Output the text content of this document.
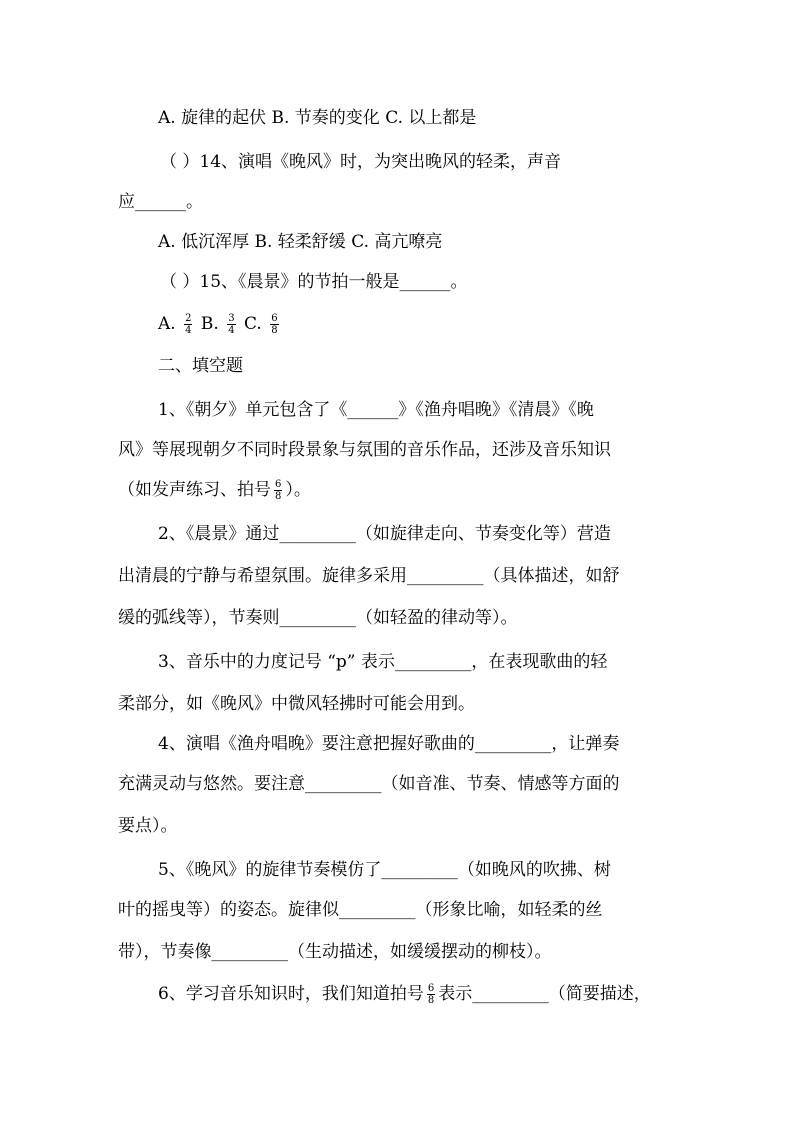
A. 旋律的起伏 B. 节奏的变化 C. 以上都是
（ ）14、演唱《晚风》时，为突出晚风的轻柔，声音
应______。
A. 低沉浑厚 B. 轻柔舒缓 C. 高亢嘹亮
（ ）15、《晨景》的节拍一般是______。
A. $\frac{2}{4} B$. $\frac{3}{4} C$. $\frac{6}{8}$
二、填空题
1、《朝夕》单元包含了《______》《渔舟唱晚》《清晨》《晚
风》等展现朝夕不同时段景象与氛围的音乐作品，还涉及音乐知识
（如发声练习、拍号 $\frac{6}{8}$ ）。
2、《晨景》通过_________（如旋律走向、节奏变化等）营造
出清晨的宁静与希望氛围。旋律多采用_________（具体描述，如舒
缓的弧线等），节奏则_________（如轻盈的律动等）。
3、音乐中的力度记号 “p” 表示_________，在表现歌曲的轻
柔部分，如《晚风》中微风轻拂时可能会用到。
4、演唱《渔舟唱晚》要注意把握好歌曲的_________，让弹奏
充满灵动与悠然。要注意_________（如音准、节奏、情感等方面的
要点）。
5、《晚风》的旋律节奏模仿了_________（如晚风的吹拂、树
叶的摇曳等）的姿态。旋律似_________（形象比喻，如轻柔的丝
带），节奏像_________（生动描述，如缓缓摆动的柳枝）。
6、学习音乐知识时，我们知道拍号 $\frac{6}{8}$ 表示_________（简要描述，
